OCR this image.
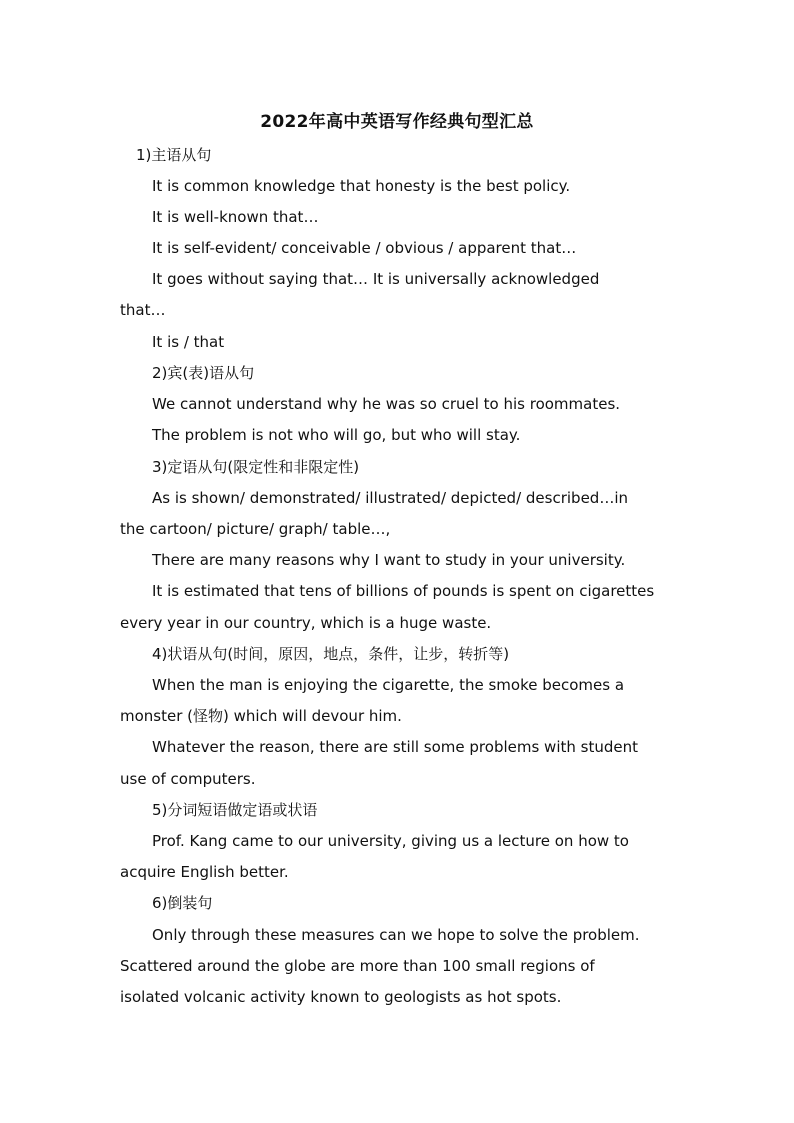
2022年高中英语写作经典句型汇总
1)主语从句
It is common knowledge that honesty is the best policy.
It is well-known that…
It is self-evident/ conceivable / obvious / apparent that…
It goes without saying that… It is universally acknowledged
that…
It is / that
2)宾(表)语从句
We cannot understand why he was so cruel to his roommates.
The problem is not who will go, but who will stay.
3)定语从句(限定性和非限定性)
As is shown/ demonstrated/ illustrated/ depicted/ described…in
the cartoon/ picture/ graph/ table…,
There are many reasons why I want to study in your university.
It is estimated that tens of billions of pounds is spent on cigarettes
every year in our country, which is a huge waste.
4)状语从句(时间，原因，地点，条件，让步，转折等)
When the man is enjoying the cigarette, the smoke becomes a
monster (怪物) which will devour him.
Whatever the reason, there are still some problems with student
use of computers.
5)分词短语做定语或状语
Prof. Kang came to our university, giving us a lecture on how to
acquire English better.
6)倒装句
Only through these measures can we hope to solve the problem.
Scattered around the globe are more than 100 small regions of
isolated volcanic activity known to geologists as hot spots.
